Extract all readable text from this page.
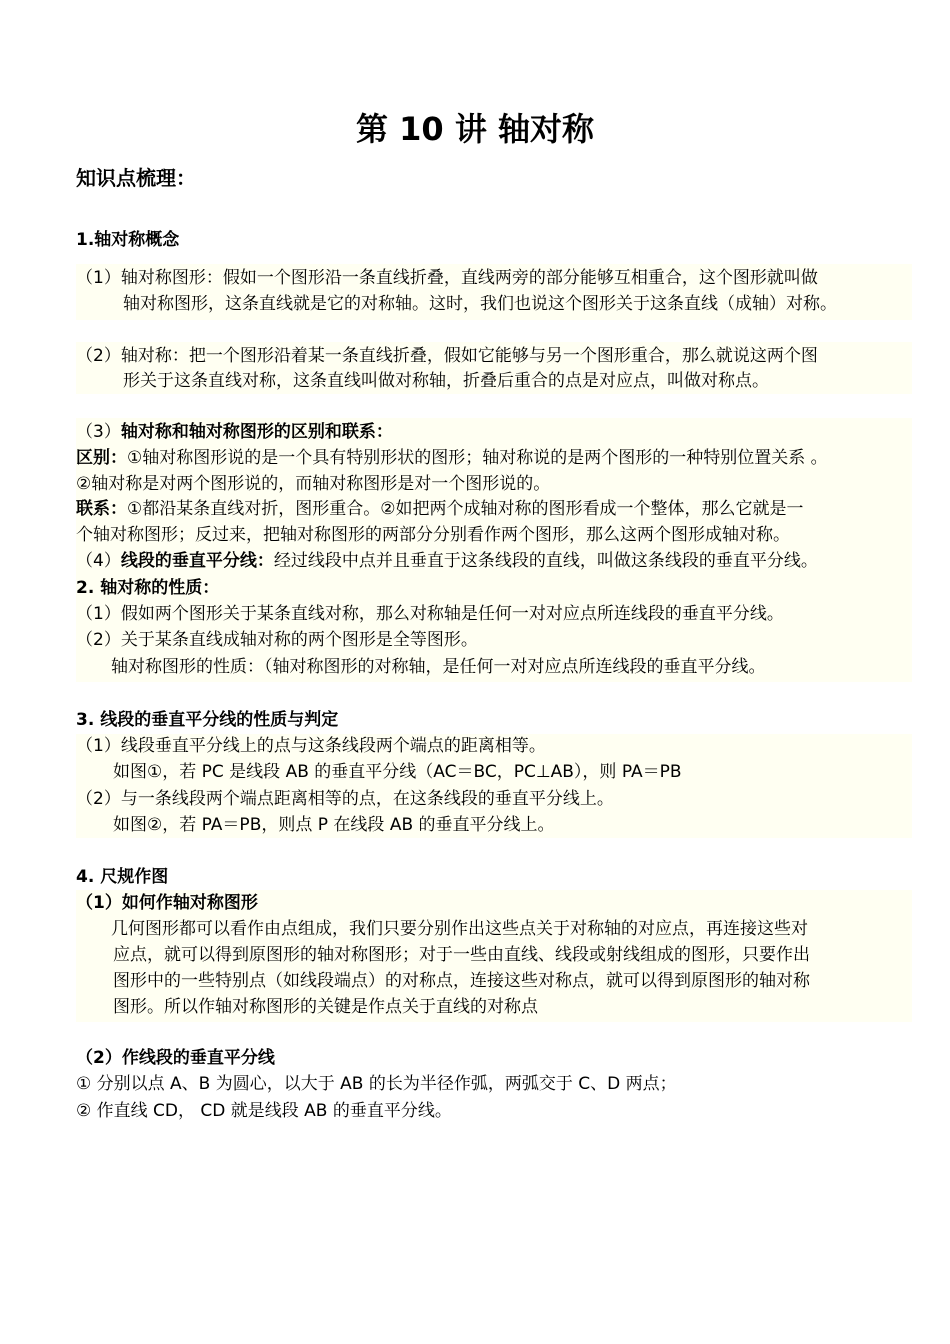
第 10 讲 轴对称
知识点梳理：
1.轴对称概念
（1）轴对称图形：假如一个图形沿一条直线折叠，直线两旁的部分能够互相重合，这个图形就叫做
轴对称图形，这条直线就是它的对称轴。这时，我们也说这个图形关于这条直线（成轴）对称。
（2）轴对称：把一个图形沿着某一条直线折叠，假如它能够与另一个图形重合，那么就说这两个图
形关于这条直线对称，这条直线叫做对称轴，折叠后重合的点是对应点，叫做对称点。
（3）轴对称和轴对称图形的区别和联系：
区别：①轴对称图形说的是一个具有特别形状的图形；轴对称说的是两个图形的一种特别位置关系 。
②轴对称是对两个图形说的，而轴对称图形是对一个图形说的。
联系：①都沿某条直线对折，图形重合。②如把两个成轴对称的图形看成一个整体，那么它就是一
个轴对称图形；反过来，把轴对称图形的两部分分别看作两个图形，那么这两个图形成轴对称。
（4）线段的垂直平分线：经过线段中点并且垂直于这条线段的直线，叫做这条线段的垂直平分线。
2. 轴对称的性质：
（1）假如两个图形关于某条直线对称，那么对称轴是任何一对对应点所连线段的垂直平分线。
（2）关于某条直线成轴对称的两个图形是全等图形。
轴对称图形的性质：（轴对称图形的对称轴，是任何一对对应点所连线段的垂直平分线。
3. 线段的垂直平分线的性质与判定
（1）线段垂直平分线上的点与这条线段两个端点的距离相等。
如图①，若 PC 是线段 AB 的垂直平分线（AC＝BC，PC⊥AB），则 PA＝PB
（2）与一条线段两个端点距离相等的点，在这条线段的垂直平分线上。
如图②，若 PA＝PB，则点 P 在线段 AB 的垂直平分线上。
4. 尺规作图
（1）如何作轴对称图形
几何图形都可以看作由点组成，我们只要分别作出这些点关于对称轴的对应点，再连接这些对
应点，就可以得到原图形的轴对称图形；对于一些由直线、线段或射线组成的图形，只要作出
图形中的一些特别点（如线段端点）的对称点，连接这些对称点，就可以得到原图形的轴对称
图形。所以作轴对称图形的关键是作点关于直线的对称点
（2）作线段的垂直平分线
① 分别以点 A、B 为圆心，以大于 AB 的长为半径作弧，两弧交于 C、D 两点；
② 作直线 CD， CD 就是线段 AB 的垂直平分线。
